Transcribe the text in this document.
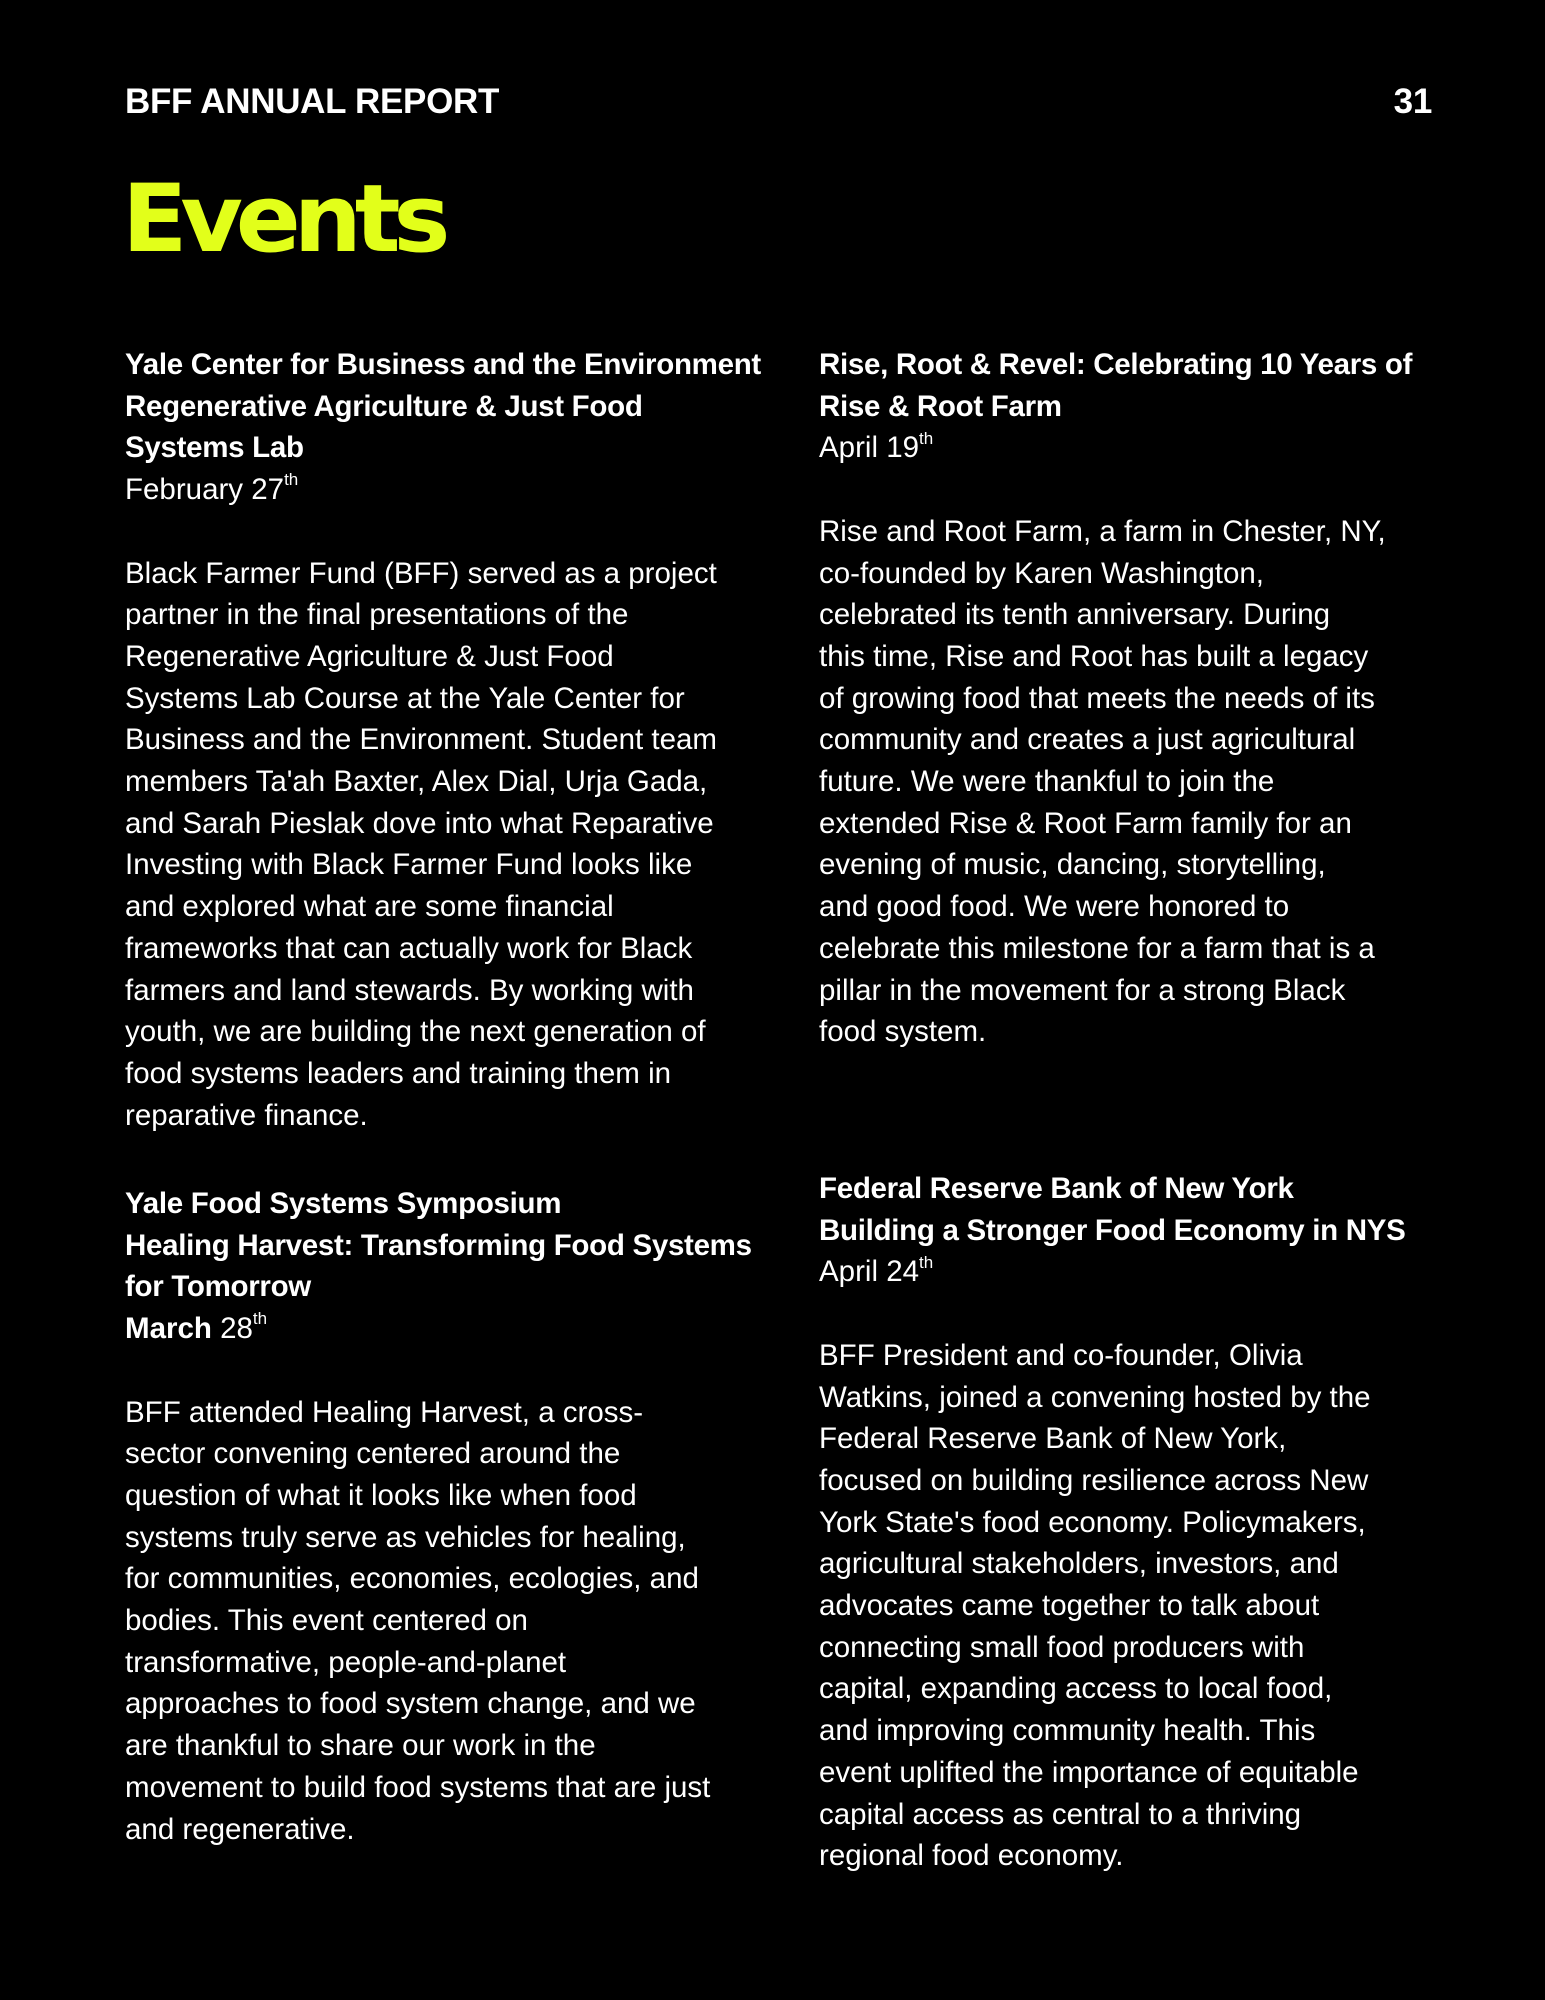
BFF ANNUAL REPORT	31
Events
Yale Center for Business and the Environment
Regenerative Agriculture & Just Food
Systems Lab
February 27th
Black Farmer Fund (BFF) served as a project
partner in the final presentations of the
Regenerative Agriculture & Just Food
Systems Lab Course at the Yale Center for
Business and the Environment. Student team
members Ta'ah Baxter, Alex Dial, Urja Gada,
and Sarah Pieslak dove into what Reparative
Investing with Black Farmer Fund looks like
and explored what are some financial
frameworks that can actually work for Black
farmers and land stewards. By working with
youth, we are building the next generation of
food systems leaders and training them in
reparative finance.
Yale Food Systems Symposium
Healing Harvest: Transforming Food Systems
for Tomorrow
March 28th
BFF attended Healing Harvest, a cross-
sector convening centered around the
question of what it looks like when food
systems truly serve as vehicles for healing,
for communities, economies, ecologies, and
bodies. This event centered on
transformative, people-and-planet
approaches to food system change, and we
are thankful to share our work in the
movement to build food systems that are just
and regenerative.
Rise, Root & Revel: Celebrating 10 Years of
Rise & Root Farm
April 19th
Rise and Root Farm, a farm in Chester, NY,
co-founded by Karen Washington,
celebrated its tenth anniversary. During
this time, Rise and Root has built a legacy
of growing food that meets the needs of its
community and creates a just agricultural
future. We were thankful to join the
extended Rise & Root Farm family for an
evening of music, dancing, storytelling,
and good food. We were honored to
celebrate this milestone for a farm that is a
pillar in the movement for a strong Black
food system.
Federal Reserve Bank of New York
Building a Stronger Food Economy in NYS
April 24th
BFF President and co-founder, Olivia
Watkins, joined a convening hosted by the
Federal Reserve Bank of New York,
focused on building resilience across New
York State's food economy. Policymakers,
agricultural stakeholders, investors, and
advocates came together to talk about
connecting small food producers with
capital, expanding access to local food,
and improving community health. This
event uplifted the importance of equitable
capital access as central to a thriving
regional food economy.
